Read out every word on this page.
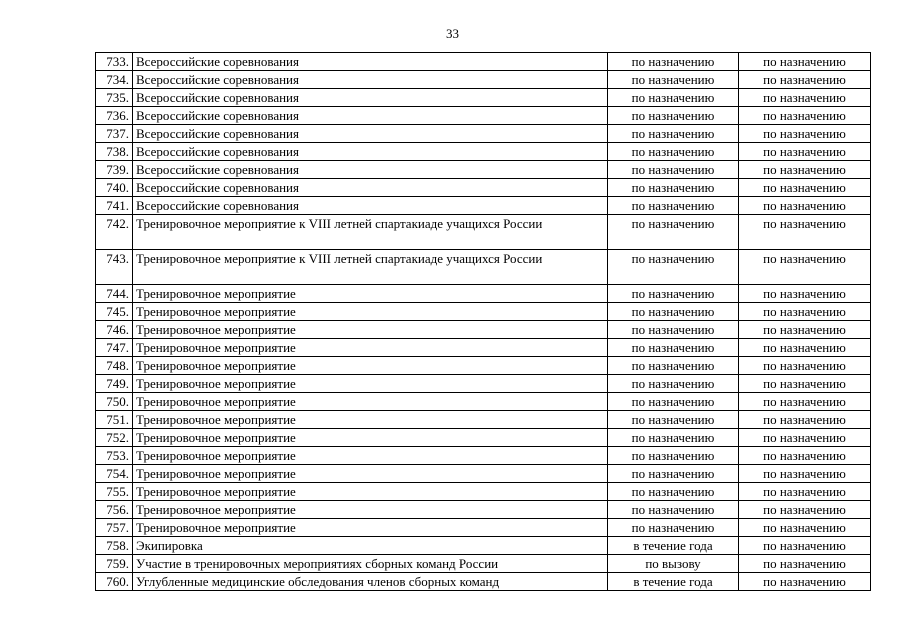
33
733.	Всероссийские соревнования	по назначению	по назначению
734.	Всероссийские соревнования	по назначению	по назначению
735.	Всероссийские соревнования	по назначению	по назначению
736.	Всероссийские соревнования	по назначению	по назначению
737.	Всероссийские соревнования	по назначению	по назначению
738.	Всероссийские соревнования	по назначению	по назначению
739.	Всероссийские соревнования	по назначению	по назначению
740.	Всероссийские соревнования	по назначению	по назначению
741.	Всероссийские соревнования	по назначению	по назначению
742.	Тренировочное мероприятие к VIII летней спартакиаде учащихся России	по назначению	по назначению
743.	Тренировочное мероприятие к VIII летней спартакиаде учащихся России	по назначению	по назначению
744.	Тренировочное мероприятие	по назначению	по назначению
745.	Тренировочное мероприятие	по назначению	по назначению
746.	Тренировочное мероприятие	по назначению	по назначению
747.	Тренировочное мероприятие	по назначению	по назначению
748.	Тренировочное мероприятие	по назначению	по назначению
749.	Тренировочное мероприятие	по назначению	по назначению
750.	Тренировочное мероприятие	по назначению	по назначению
751.	Тренировочное мероприятие	по назначению	по назначению
752.	Тренировочное мероприятие	по назначению	по назначению
753.	Тренировочное мероприятие	по назначению	по назначению
754.	Тренировочное мероприятие	по назначению	по назначению
755.	Тренировочное мероприятие	по назначению	по назначению
756.	Тренировочное мероприятие	по назначению	по назначению
757.	Тренировочное мероприятие	по назначению	по назначению
758.	Экипировка	в течение года	по назначению
759.	Участие в тренировочных мероприятиях сборных команд России	по вызову	по назначению
760.	Углубленные медицинские обследования членов сборных команд	в течение года	по назначению
